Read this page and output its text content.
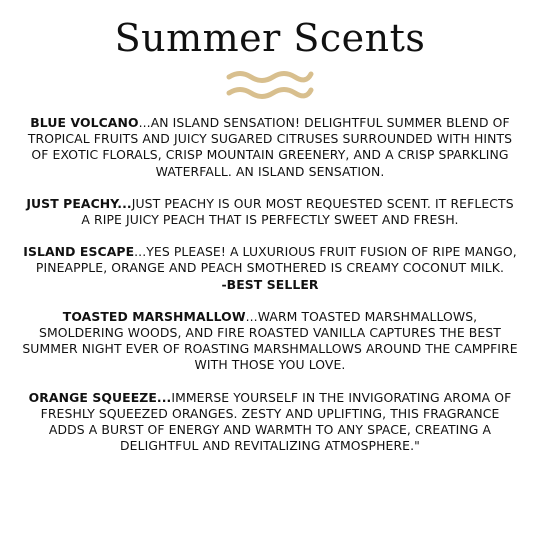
Summer Scents

BLUE VOLCANO...AN ISLAND SENSATION! DELIGHTFUL SUMMER BLEND OF TROPICAL FRUITS AND JUICY SUGARED CITRUSES SURROUNDED WITH HINTS OF EXOTIC FLORALS, CRISP MOUNTAIN GREENERY, AND A CRISP SPARKLING WATERFALL. AN ISLAND SENSATION.

JUST PEACHY...JUST PEACHY IS OUR MOST REQUESTED SCENT. IT REFLECTS A RIPE JUICY PEACH THAT IS PERFECTLY SWEET AND FRESH.

ISLAND ESCAPE...YES PLEASE! A LUXURIOUS FRUIT FUSION OF RIPE MANGO, PINEAPPLE, ORANGE AND PEACH SMOTHERED IS CREAMY COCONUT MILK.
-BEST SELLER

TOASTED MARSHMALLOW...WARM TOASTED MARSHMALLOWS, SMOLDERING WOODS, AND FIRE ROASTED VANILLA CAPTURES THE BEST SUMMER NIGHT EVER OF ROASTING MARSHMALLOWS AROUND THE CAMPFIRE WITH THOSE YOU LOVE.

ORANGE SQUEEZE...IMMERSE YOURSELF IN THE INVIGORATING AROMA OF FRESHLY SQUEEZED ORANGES. ZESTY AND UPLIFTING, THIS FRAGRANCE ADDS A BURST OF ENERGY AND WARMTH TO ANY SPACE, CREATING A DELIGHTFUL AND REVITALIZING ATMOSPHERE."
